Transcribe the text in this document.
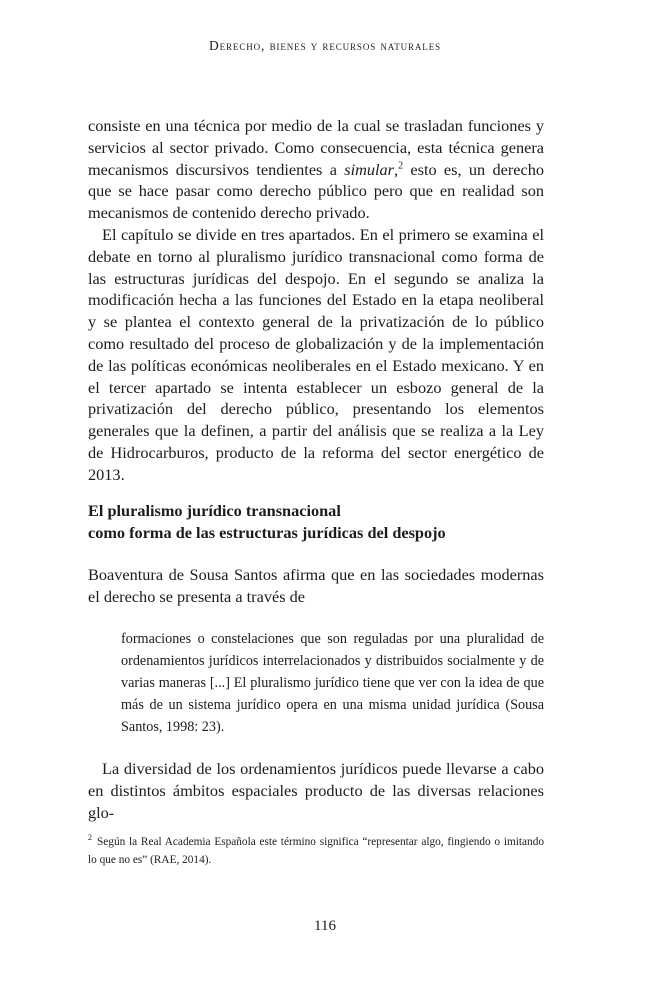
Derecho, bienes y recursos naturales

consiste en una técnica por medio de la cual se trasladan funciones y servicios al sector privado. Como consecuencia, esta técnica genera mecanismos discursivos tendientes a simular,$^2$ esto es, un derecho que se hace pasar como derecho público pero que en realidad son mecanismos de contenido derecho privado.

El capítulo se divide en tres apartados. En el primero se examina el debate en torno al pluralismo jurídico transnacional como forma de las estructuras jurídicas del despojo. En el segundo se analiza la modificación hecha a las funciones del Estado en la etapa neoliberal y se plantea el contexto general de la privatización de lo público como resultado del proceso de globalización y de la implementación de las políticas económicas neoliberales en el Estado mexicano. Y en el tercer apartado se intenta establecer un esbozo general de la privatización del derecho público, presentando los elementos generales que la definen, a partir del análisis que se realiza a la Ley de Hidrocarburos, producto de la reforma del sector energético de 2013.

El pluralismo jurídico transnacional
como forma de las estructuras jurídicas del despojo

Boaventura de Sousa Santos afirma que en las sociedades modernas el derecho se presenta a través de

formaciones o constelaciones que son reguladas por una pluralidad de ordenamientos jurídicos interrelacionados y distribuidos socialmente y de varias maneras [...] El pluralismo jurídico tiene que ver con la idea de que más de un sistema jurídico opera en una misma unidad jurídica (Sousa Santos, 1998: 23).

La diversidad de los ordenamientos jurídicos puede llevarse a cabo en distintos ámbitos espaciales producto de las diversas relaciones glo-

$^2$ Según la Real Academia Española este término significa “representar algo, fingiendo o imitando lo que no es” (RAE, 2014).
116
